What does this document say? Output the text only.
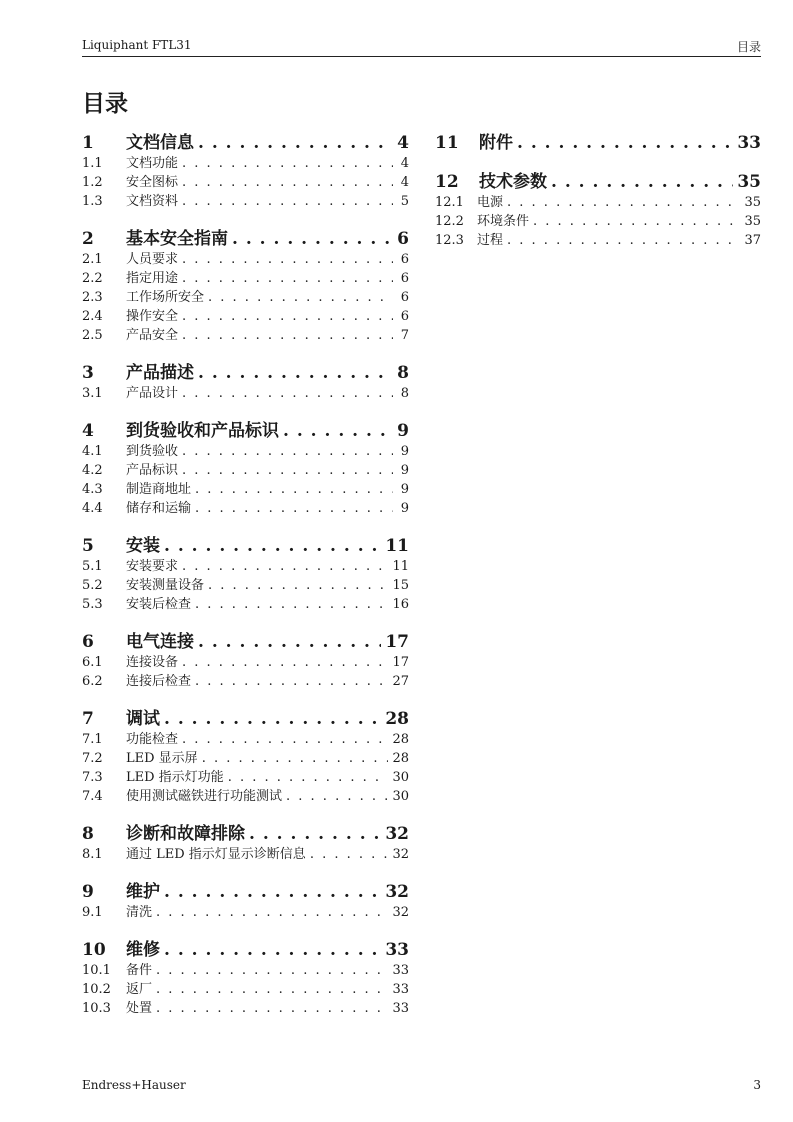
Liquiphant FTL31	目录
目录
1	文档信息 . . .	4
1.1	文档功能 . . .	4
1.2	安全图标 . . .	4
1.3	文档资料 . . .	5
2	基本安全指南 . . .	6
2.1	人员要求 . . .	6
2.2	指定用途 . . .	6
2.3	工作场所安全 . . .	6
2.4	操作安全 . . .	6
2.5	产品安全 . . .	7
3	产品描述 . . .	8
3.1	产品设计 . . .	8
4	到货验收和产品标识 . . .	9
4.1	到货验收 . . .	9
4.2	产品标识 . . .	9
4.3	制造商地址 . . .	9
4.4	储存和运输 . . .	9
5	安装 . . .	11
5.1	安装要求 . . .	11
5.2	安装测量设备 . . .	15
5.3	安装后检查 . . .	16
6	电气连接 . . .	17
6.1	连接设备 . . .	17
6.2	连接后检查 . . .	27
7	调试 . . .	28
7.1	功能检查 . . .	28
7.2	LED 显示屏 . . .	28
7.3	LED 指示灯功能 . . .	30
7.4	使用测试磁铁进行功能测试 . . .	30
8	诊断和故障排除 . . .	32
8.1	通过 LED 指示灯显示诊断信息 . . .	32
9	维护 . . .	32
9.1	清洗 . . .	32
10	维修 . . .	33
10.1	备件 . . .	33
10.2	返厂 . . .	33
10.3	处置 . . .	33
11	附件 . . .	33
12	技术参数 . . .	35
12.1	电源 . . .	35
12.2	环境条件 . . .	35
12.3	过程 . . .	37
Endress+Hauser	3
